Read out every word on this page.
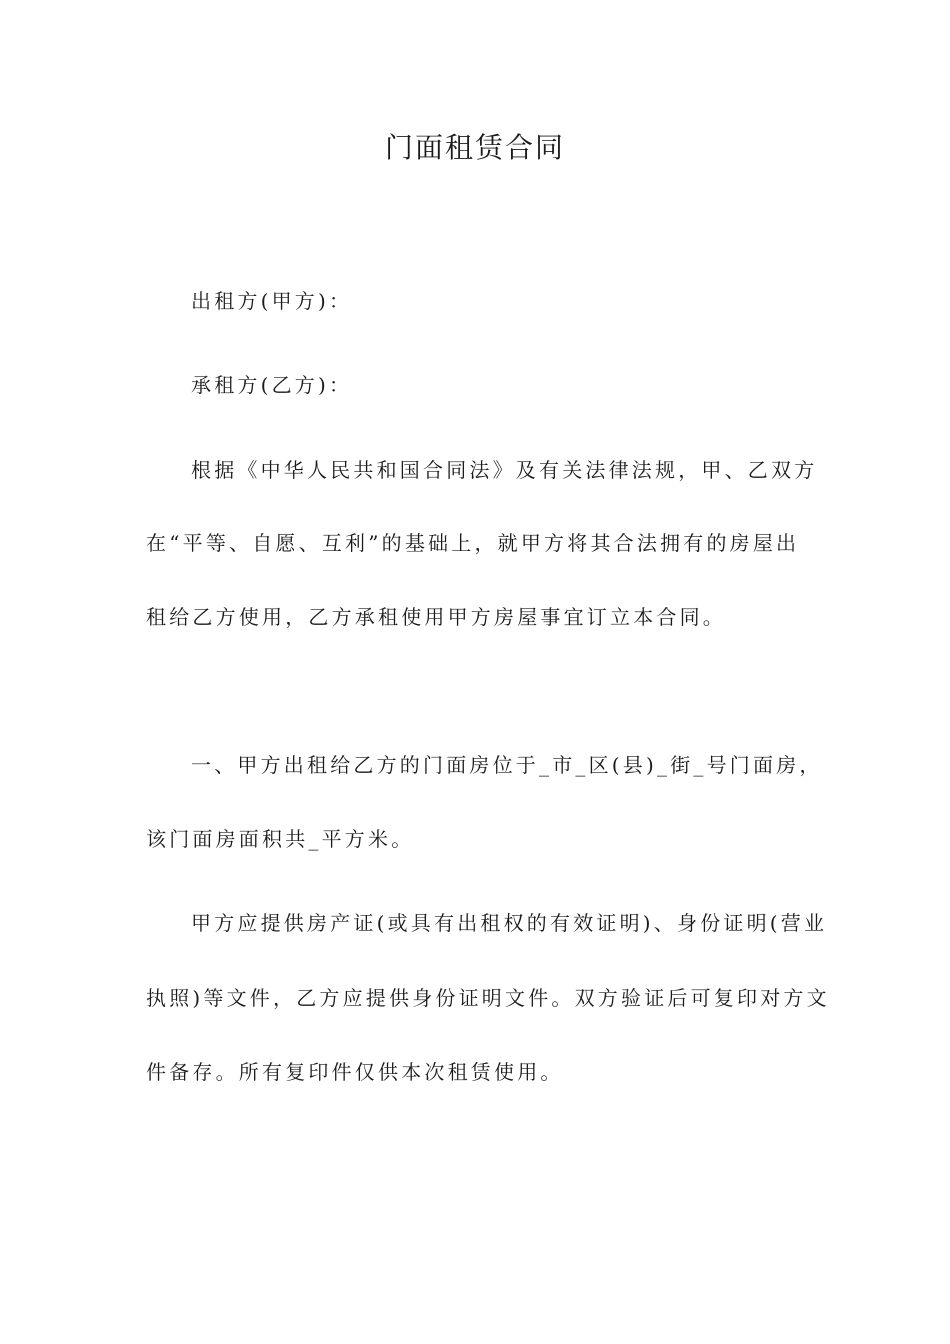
门面租赁合同
出租方(甲方)：
承租方(乙方)：
根据《中华人民共和国合同法》及有关法律法规，甲、乙双方
在“平等、自愿、互利”的基础上，就甲方将其合法拥有的房屋出
租给乙方使用，乙方承租使用甲方房屋事宜订立本合同。
一、甲方出租给乙方的门面房位于_市_区(县)_街_号门面房，
该门面房面积共_平方米。
甲方应提供房产证(或具有出租权的有效证明)、身份证明(营业
执照)等文件，乙方应提供身份证明文件。双方验证后可复印对方文
件备存。所有复印件仅供本次租赁使用。
